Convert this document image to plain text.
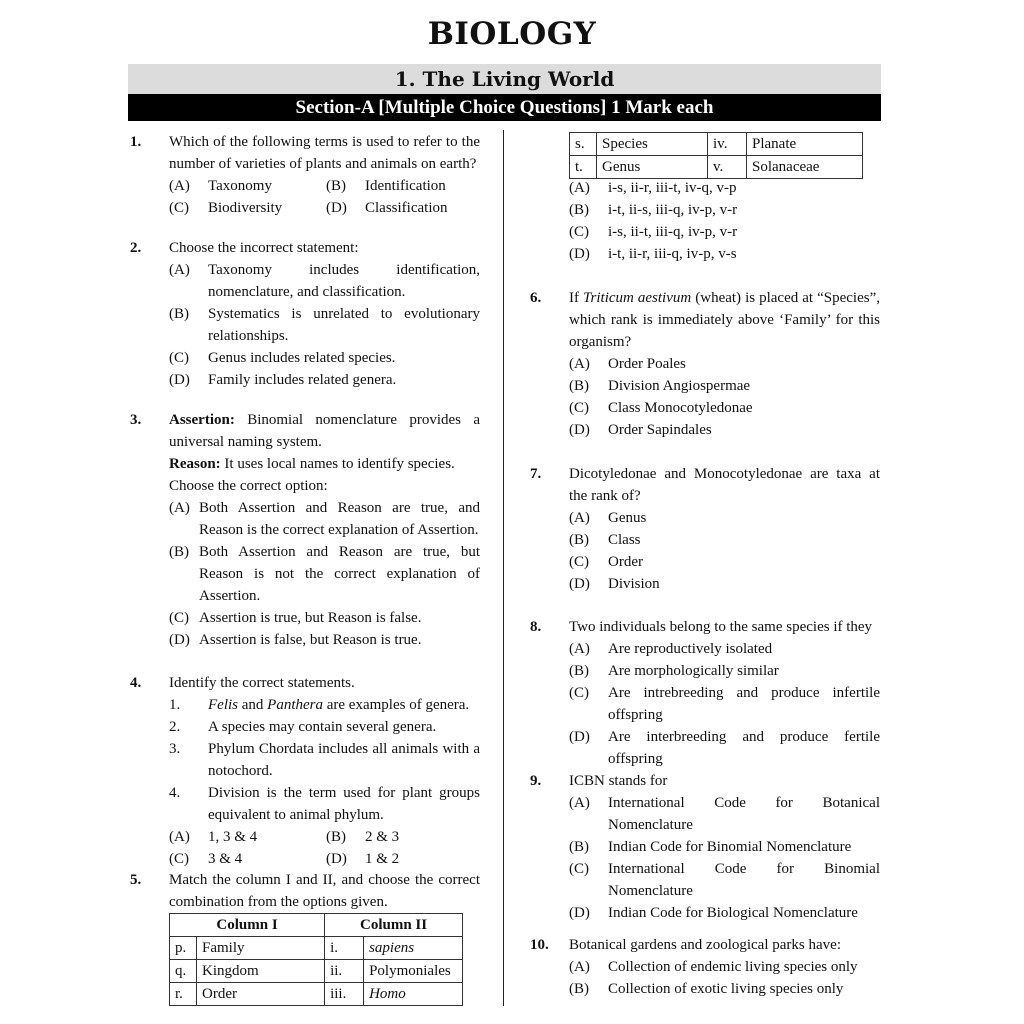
BIOLOGY
1. The Living World
Section-A [Multiple Choice Questions] 1 Mark each
1. Which of the following terms is used to refer to the number of varieties of plants and animals on earth?
(A) Taxonomy	(B) Identification
(C) Biodiversity	(D) Classification
2. Choose the incorrect statement:
(A) Taxonomy includes identification, nomenclature, and classification.
(B) Systematics is unrelated to evolutionary relationships.
(C) Genus includes related species.
(D) Family includes related genera.
3. Assertion: Binomial nomenclature provides a universal naming system.
Reason: It uses local names to identify species.
Choose the correct option:
(A) Both Assertion and Reason are true, and Reason is the correct explanation of Assertion.
(B) Both Assertion and Reason are true, but Reason is not the correct explanation of Assertion.
(C) Assertion is true, but Reason is false.
(D) Assertion is false, but Reason is true.
4. Identify the correct statements.
1. Felis and Panthera are examples of genera.
2. A species may contain several genera.
3. Phylum Chordata includes all animals with a notochord.
4. Division is the term used for plant groups equivalent to animal phylum.
(A) 1, 3 & 4	(B) 2 & 3
(C) 3 & 4	(D) 1 & 2
5. Match the column I and II, and choose the correct combination from the options given.
Column I		Column II	
p.	Family	i.	sapiens
q.	Kingdom	ii.	Polymoniales
r.	Order	iii.	Homo
s.	Species	iv.	Planate
t.	Genus	v.	Solanaceae
(A) i-s, ii-r, iii-t, iv-q, v-p
(B) i-t, ii-s, iii-q, iv-p, v-r
(C) i-s, ii-t, iii-q, iv-p, v-r
(D) i-t, ii-r, iii-q, iv-p, v-s
6. If Triticum aestivum (wheat) is placed at “Species”, which rank is immediately above ‘Family’ for this organism?
(A) Order Poales
(B) Division Angiospermae
(C) Class Monocotyledonae
(D) Order Sapindales
7. Dicotyledonae and Monocotyledonae are taxa at the rank of?
(A) Genus
(B) Class
(C) Order
(D) Division
8. Two individuals belong to the same species if they
(A) Are reproductively isolated
(B) Are morphologically similar
(C) Are intrebreeding and produce infertile offspring
(D) Are interbreeding and produce fertile offspring
9. ICBN stands for
(A) International Code for Botanical Nomenclature
(B) Indian Code for Binomial Nomenclature
(C) International Code for Binomial Nomenclature
(D) Indian Code for Biological Nomenclature
10. Botanical gardens and zoological parks have:
(A) Collection of endemic living species only
(B) Collection of exotic living species only
